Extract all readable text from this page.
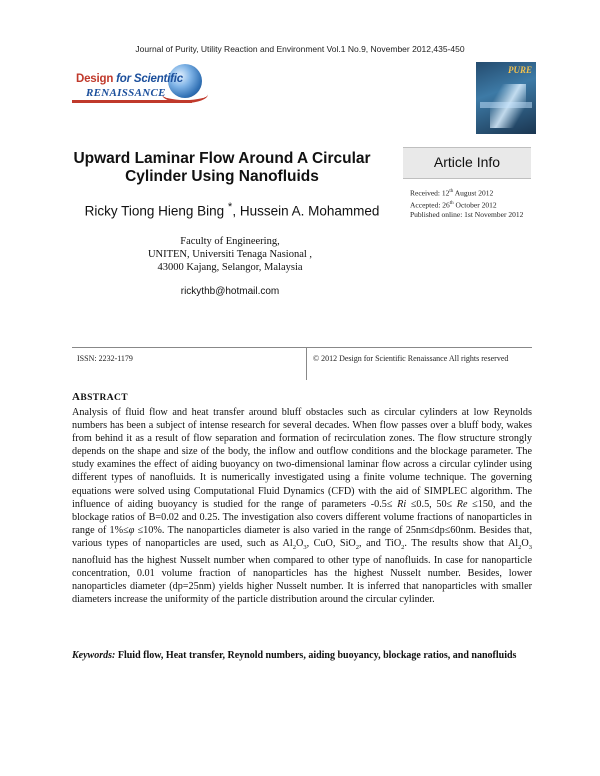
Journal of Purity, Utility Reaction and Environment Vol.1 No.9, November 2012,435-450
Design for Scientific
RENAISSANCE
PURE
Upward Laminar Flow Around A Circular Cylinder Using Nanofluids
Ricky Tiong Hieng Bing *, Hussein A. Mohammed
Faculty of Engineering,
UNITEN, Universiti Tenaga Nasional ,
43000 Kajang, Selangor, Malaysia
rickythb@hotmail.com
Article Info
Received: 12th August 2012
Accepted: 26th October 2012
Published online: 1st November 2012
ISSN: 2232-1179	© 2012 Design for Scientific Renaissance All rights reserved
ABSTRACT
Analysis of fluid flow and heat transfer around bluff obstacles such as circular cylinders at low Reynolds numbers has been a subject of intense research for several decades. When flow passes over a bluff body, wakes from behind it as a result of flow separation and formation of recirculation zones. The flow structure strongly depends on the shape and size of the body, the inflow and outflow conditions and the blockage parameter. The study examines the effect of aiding buoyancy on two-dimensional laminar flow across a circular cylinder using different types of nanofluids. It is numerically investigated using a finite volume technique. The governing equations were solved using Computational Fluid Dynamics (CFD) with the aid of SIMPLEC algorithm. The influence of aiding buoyancy is studied for the range of parameters -0.5≤ Ri ≤0.5, 50≤ Re ≤150, and the blockage ratios of B=0.02 and 0.25. The investigation also covers different volume fractions of nanoparticles in range of 1%≤φ ≤10%. The nanoparticles diameter is also varied in the range of 25nm≤dp≤60nm. Besides that, various types of nanoparticles are used, such as $Al_2O_3$, CuO, SiO$_2$, and TiO$_2$. The results show that $Al_2O_3$ nanofluid has the highest Nusselt number when compared to other type of nanofluids. In case for nanoparticle concentration, 0.01 volume fraction of nanoparticles has the highest Nusselt number. Besides, lower nanoparticles diameter (dp=25nm) yields higher Nusselt number. It is inferred that nanoparticles with smaller diameters increase the uniformity of the particle distribution around the circular cylinder.
Keywords: Fluid flow, Heat transfer, Reynold numbers, aiding buoyancy, blockage ratios, and nanofluids
